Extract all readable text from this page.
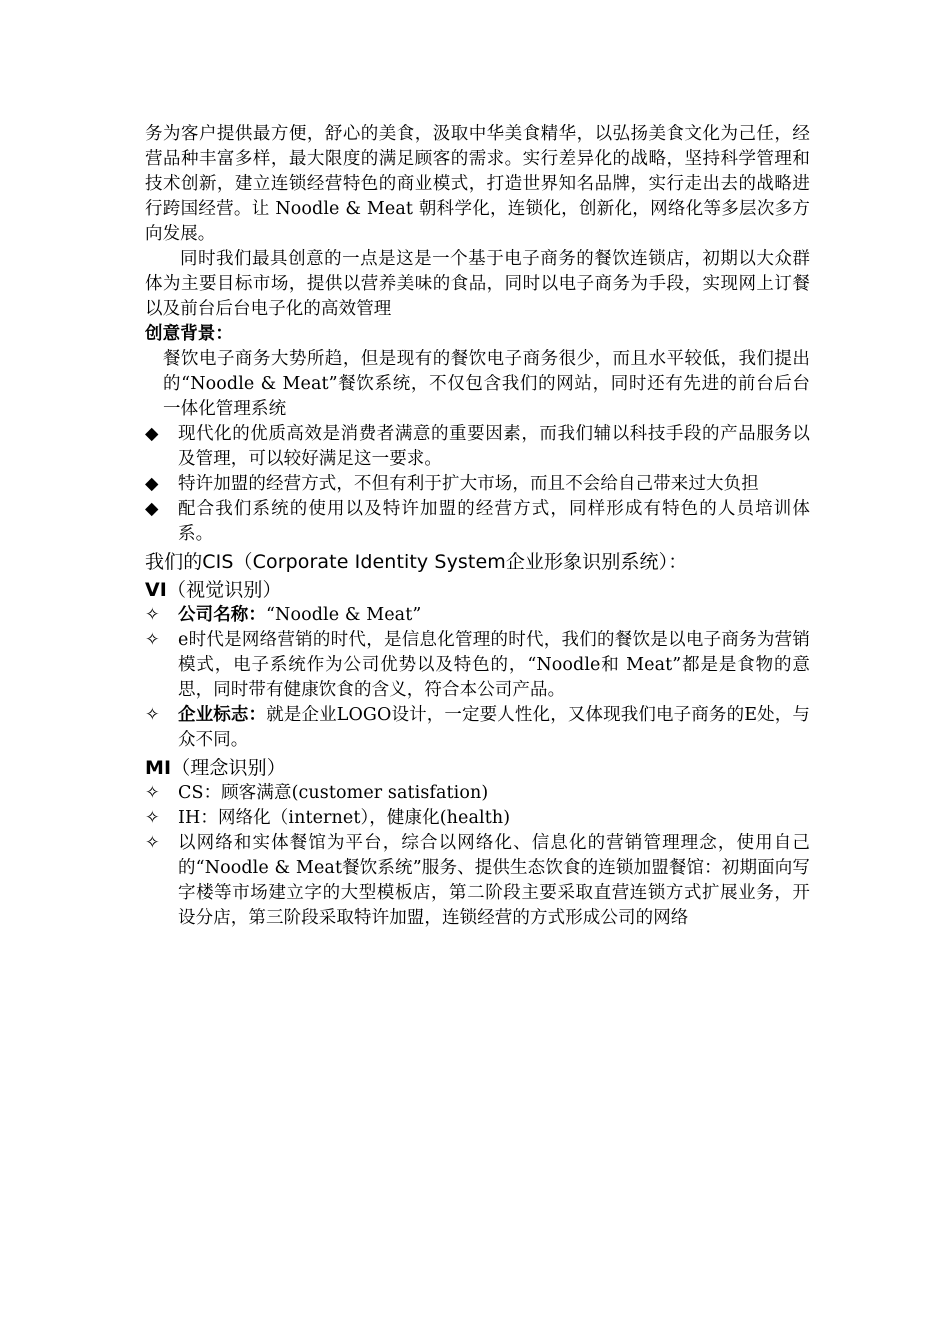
务为客户提供最方便，舒心的美食，汲取中华美食精华，以弘扬美食文化为己任，经营品种丰富多样，最大限度的满足顾客的需求。实行差异化的战略，坚持科学管理和技术创新，建立连锁经营特色的商业模式，打造世界知名品牌，实行走出去的战略进行跨国经营。让 Noodle & Meat 朝科学化，连锁化，创新化，网络化等多层次多方向发展。

同时我们最具创意的一点是这是一个基于电子商务的餐饮连锁店，初期以大众群体为主要目标市场，提供以营养美味的食品，同时以电子商务为手段，实现网上订餐以及前台后台电子化的高效管理

创意背景：

餐饮电子商务大势所趋，但是现有的餐饮电子商务很少，而且水平较低，我们提出的“Noodle & Meat”餐饮系统，不仅包含我们的网站，同时还有先进的前台后台一体化管理系统

◆	现代化的优质高效是消费者满意的重要因素，而我们辅以科技手段的产品服务以及管理，可以较好满足这一要求。
◆	特许加盟的经营方式，不但有利于扩大市场，而且不会给自己带来过大负担
◆	配合我们系统的使用以及特许加盟的经营方式，同样形成有特色的人员培训体系。
我们的CIS（Corporate Identity System企业形象识别系统）：
VI（视觉识别）
✧	公司名称：“Noodle & Meat”
✧	e时代是网络营销的时代，是信息化管理的时代，我们的餐饮是以电子商务为营销模式，电子系统作为公司优势以及特色的，“Noodle和 Meat”都是是食物的意思，同时带有健康饮食的含义，符合本公司产品。
✧	企业标志：就是企业LOGO设计，一定要人性化，又体现我们电子商务的E处，与众不同。
MI（理念识别）
✧	CS：顾客满意(customer satisfation)
✧	IH：网络化（internet），健康化(health)
✧	以网络和实体餐馆为平台，综合以网络化、信息化的营销管理理念，使用自己的“Noodle & Meat餐饮系统”服务、提供生态饮食的连锁加盟餐馆：初期面向写字楼等市场建立字的大型模板店，第二阶段主要采取直营连锁方式扩展业务，开设分店，第三阶段采取特许加盟，连锁经营的方式形成公司的网络
